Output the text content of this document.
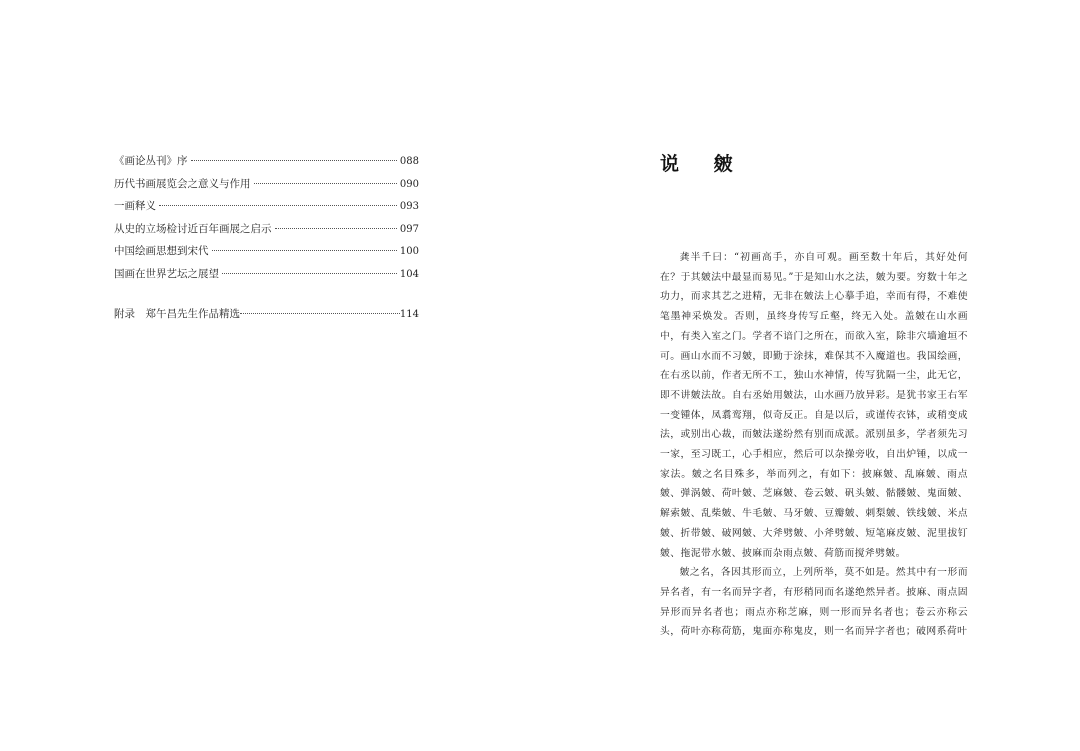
《画论丛刊》序	088
历代书画展览会之意义与作用	090
一画释义	093
从史的立场检讨近百年画展之启示	097
中国绘画思想到宋代	100
国画在世界艺坛之展望	104
附录　郑午昌先生作品精选	114
说 皴

龚半千曰：“初画高手，亦自可观。画至数十年后，其好处何在？于其皴法中最显而易见。”于是知山水之法，皴为要。穷数十年之功力，而求其艺之进精，无非在皴法上心摹手追，幸而有得，不难使笔墨神采焕发。否则，虽终身传写丘壑，终无入处。盖皴在山水画中，有类入室之门。学者不谙门之所在，而欲入室，除非穴墙逾垣不可。画山水而不习皴，即勤于涂抹，难保其不入魔道也。我国绘画，在右丞以前，作者无所不工，独山水神情，传写犹隔一尘，此无它，即不讲皴法故。自右丞始用皴法，山水画乃放异彩。是犹书家王右军一变锺体，凤翥鸾翔，似奇反正。自是以后，或谨传衣钵，或稍变成法，或别出心裁，而皴法遂纷然有别而成派。派别虽多，学者须先习一家，至习既工，心手相应，然后可以杂操旁收，自出炉锤，以成一家法。皴之名目殊多，举而列之，有如下：披麻皴、乱麻皴、雨点皴、弹涡皴、荷叶皴、芝麻皴、卷云皴、矾头皴、骷髅皴、鬼面皴、解索皴、乱柴皴、牛毛皴、马牙皴、豆瓣皴、刺梨皴、铁线皴、米点皴、折带皴、破网皴、大斧劈皴、小斧劈皴、短笔麻皮皴、泥里拔钉皴、拖泥带水皴、披麻而杂雨点皴、荷筋而搅斧劈皴。

皴之名，各因其形而立，上列所举，莫不如是。然其中有一形而异名者，有一名而异字者，有形稍同而名遂绝然异者。披麻、雨点固异形而异名者也；雨点亦称芝麻，则一形而异名者也；卷云亦称云头，荷叶亦称荷筋，鬼面亦称鬼皮，则一名而异字者也；破网系荷叶
